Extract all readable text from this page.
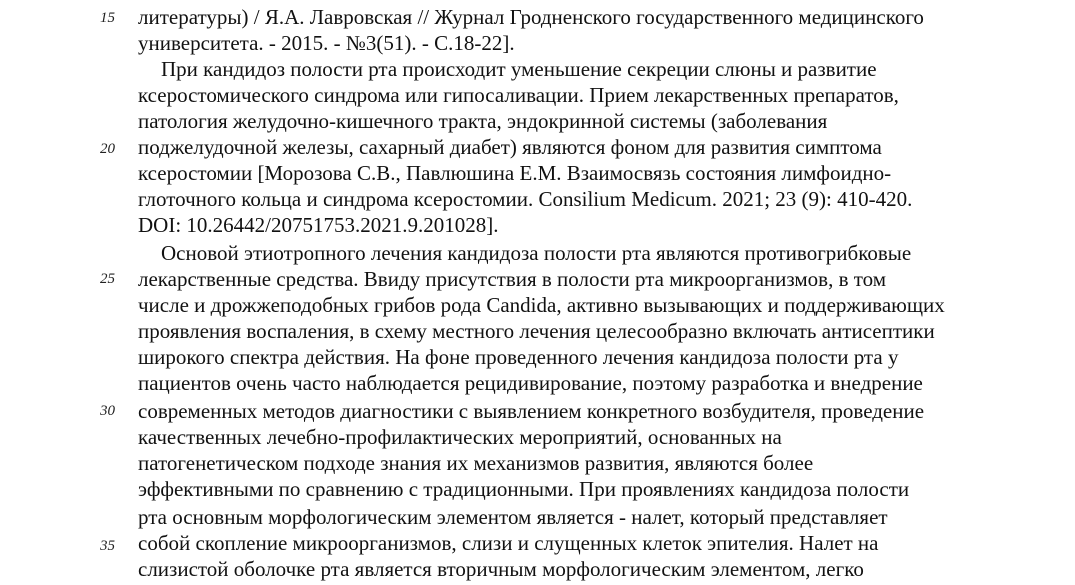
15
20
25
30
35
литературы) / Я.А. Лавровская // Журнал Гродненского государственного медицинского
университета. - 2015. - №3(51). - С.18-22].
При кандидоз полости рта происходит уменьшение секреции слюны и развитие
ксеростомического синдрома или гипосаливации. Прием лекарственных препаратов,
патология желудочно-кишечного тракта, эндокринной системы (заболевания
поджелудочной железы, сахарный диабет) являются фоном для развития симптома
ксеростомии [Морозова С.В., Павлюшина Е.М. Взаимосвязь состояния лимфоидно-
глоточного кольца и синдрома ксеростомии. Consilium Medicum. 2021; 23 (9): 410-420.
DOI: 10.26442/20751753.2021.9.201028].
Основой этиотропного лечения кандидоза полости рта являются противогрибковые
лекарственные средства. Ввиду присутствия в полости рта микроорганизмов, в том
числе и дрожжеподобных грибов рода Candida, активно вызывающих и поддерживающих
проявления воспаления, в схему местного лечения целесообразно включать антисептики
широкого спектра действия. На фоне проведенного лечения кандидоза полости рта у
пациентов очень часто наблюдается рецидивирование, поэтому разработка и внедрение
современных методов диагностики с выявлением конкретного возбудителя, проведение
качественных лечебно-профилактических мероприятий, основанных на
патогенетическом подходе знания их механизмов развития, являются более
эффективными по сравнению с традиционными. При проявлениях кандидоза полости
рта основным морфологическим элементом является - налет, который представляет
собой скопление микроорганизмов, слизи и слущенных клеток эпителия. Налет на
слизистой оболочке рта является вторичным морфологическим элементом, легко
